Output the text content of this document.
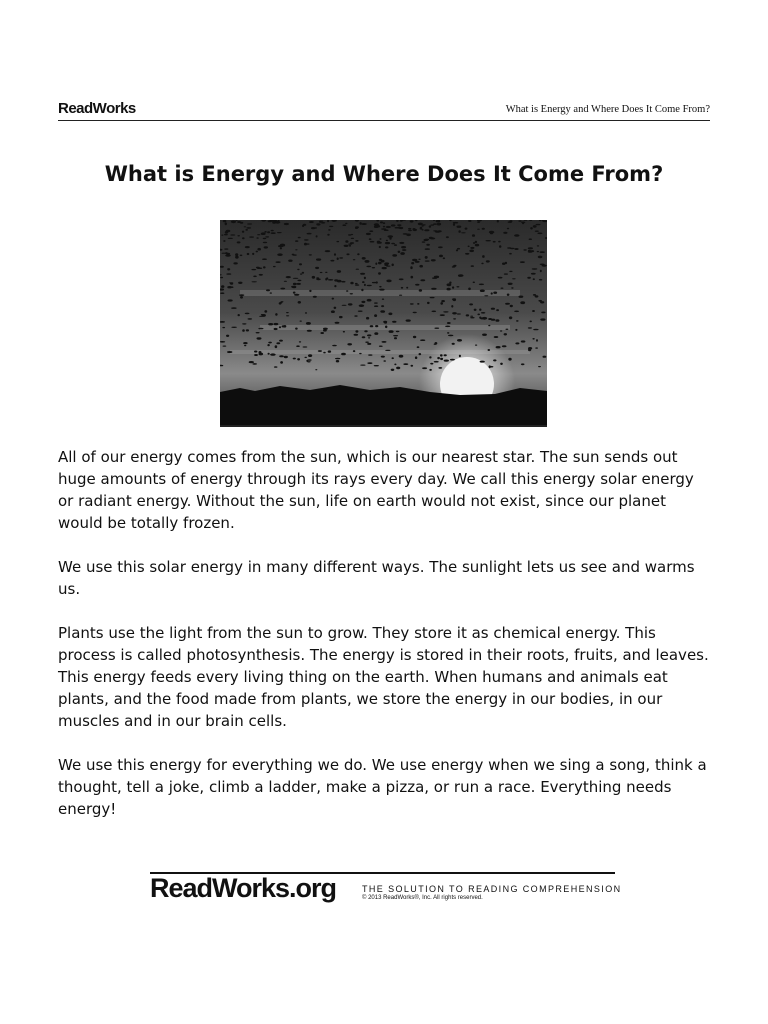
ReadWorks	What is Energy and Where Does It Come From?
What is Energy and Where Does It Come From?

All of our energy comes from the sun, which is our nearest star. The sun sends out huge amounts of energy through its rays every day. We call this energy solar energy or radiant energy. Without the sun, life on earth would not exist, since our planet would be totally frozen.

We use this solar energy in many different ways. The sunlight lets us see and warms us.

Plants use the light from the sun to grow. They store it as chemical energy. This process is called photosynthesis. The energy is stored in their roots, fruits, and leaves. This energy feeds every living thing on the earth. When humans and animals eat plants, and the food made from plants, we store the energy in our bodies, in our muscles and in our brain cells.

We use this energy for everything we do. We use energy when we sing a song, think a thought, tell a joke, climb a ladder, make a pizza, or run a race. Everything needs energy!

ReadWorks.org	THE SOLUTION TO READING COMPREHENSION
© 2013 ReadWorks®, Inc. All rights reserved.
